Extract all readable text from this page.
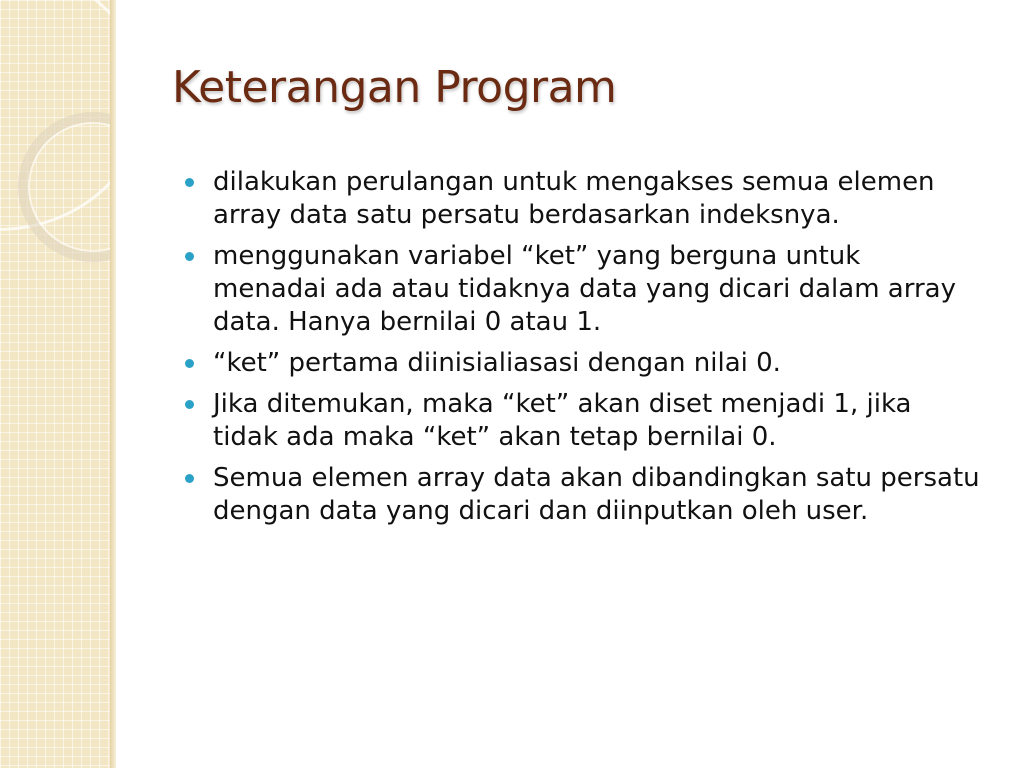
Keterangan Program
dilakukan perulangan untuk mengakses semua elemen array data satu persatu berdasarkan indeksnya.
menggunakan variabel “ket” yang berguna untuk menadai ada atau tidaknya data yang dicari dalam array data. Hanya bernilai 0 atau 1.
“ket” pertama diinisialiasasi dengan nilai 0.
Jika ditemukan, maka “ket” akan diset menjadi 1, jika tidak ada maka “ket” akan tetap bernilai 0.
Semua elemen array data akan dibandingkan satu persatu dengan data yang dicari dan diinputkan oleh user.
